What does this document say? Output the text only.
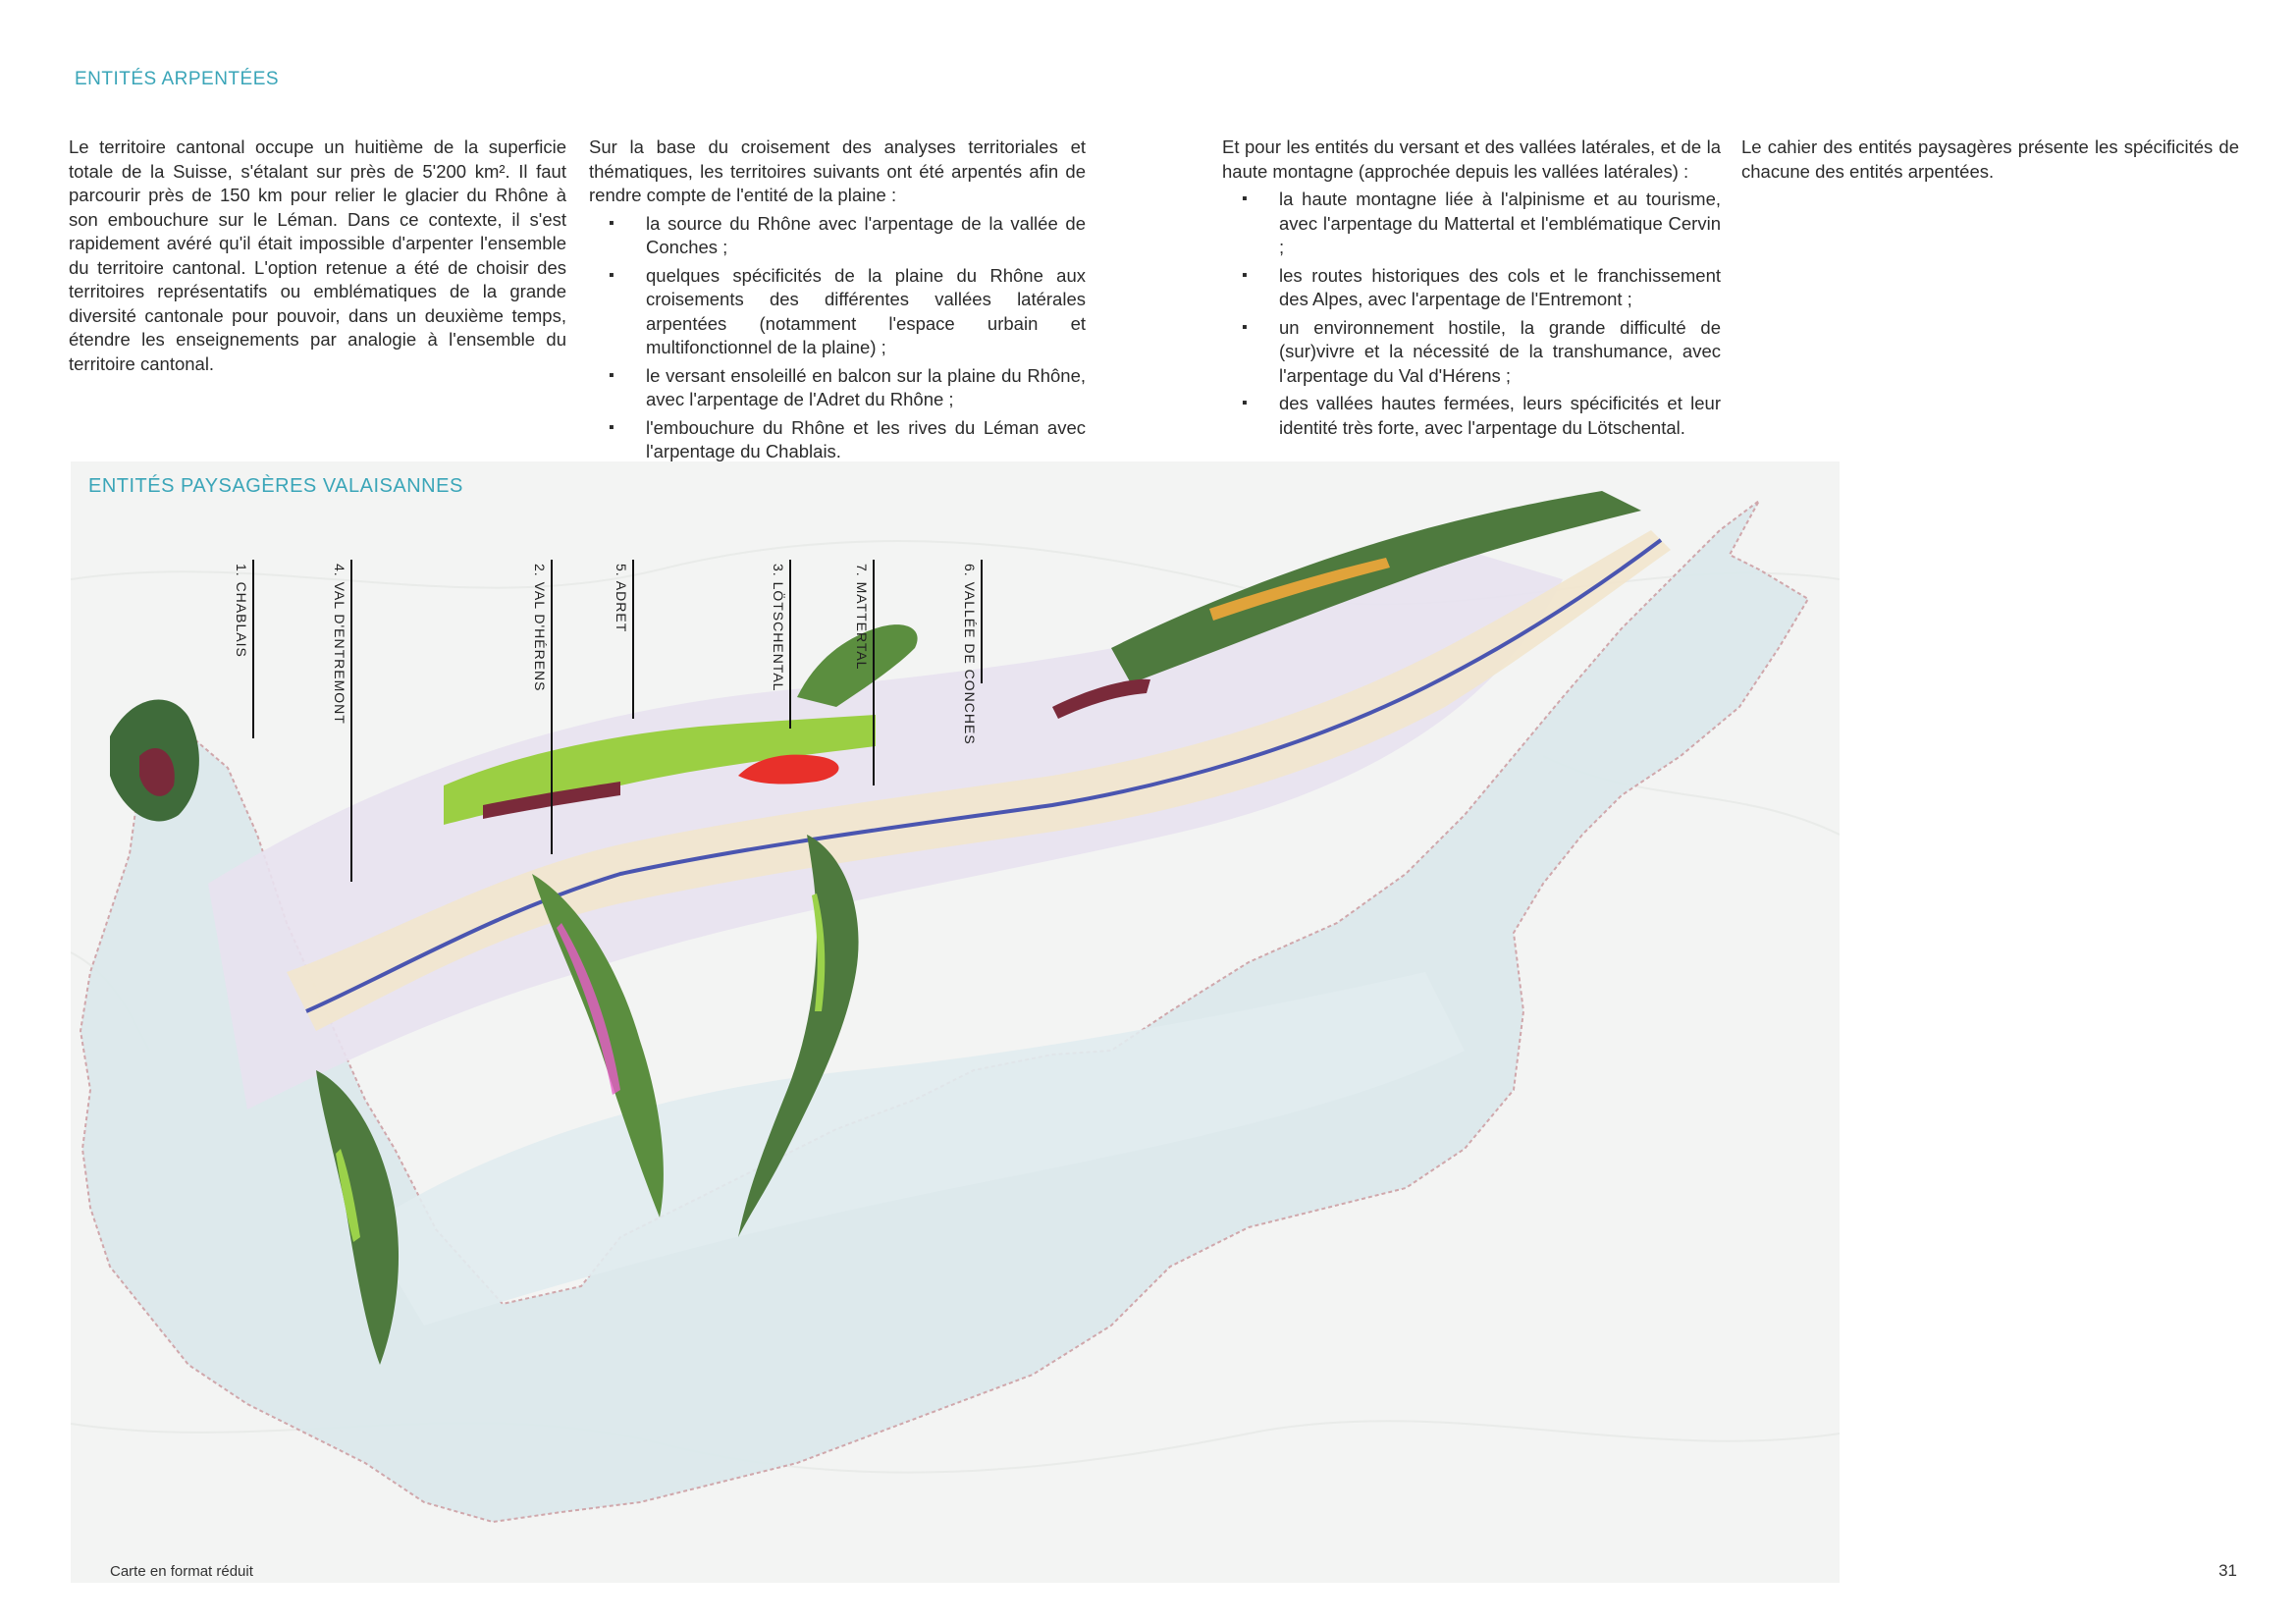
ENTITÉS ARPENTÉES

Le territoire cantonal occupe un huitième de la superficie totale de la Suisse, s'étalant sur près de 5'200 km². Il faut parcourir près de 150 km pour relier le glacier du Rhône à son embouchure sur le Léman. Dans ce contexte, il s'est rapidement avéré qu'il était impossible d'arpenter l'ensemble du territoire cantonal. L'option retenue a été de choisir des territoires représentatifs ou emblématiques de la grande diversité cantonale pour pouvoir, dans un deuxième temps, étendre les enseignements par analogie à l'ensemble du territoire cantonal.

Sur la base du croisement des analyses territoriales et thématiques, les territoires suivants ont été arpentés afin de rendre compte de l'entité de la plaine :

▪ la source du Rhône avec l'arpentage de la vallée de Conches ;
▪ quelques spécificités de la plaine du Rhône aux croisements des différentes vallées latérales arpentées (notamment l'espace urbain et multifonctionnel de la plaine) ;
▪ le versant ensoleillé en balcon sur la plaine du Rhône, avec l'arpentage de l'Adret du Rhône ;
▪ l'embouchure du Rhône et les rives du Léman avec l'arpentage du Chablais.

Et pour les entités du versant et des vallées latérales, et de la haute montagne (approchée depuis les vallées latérales) :

▪ la haute montagne liée à l'alpinisme et au tourisme, avec l'arpentage du Mattertal et l'emblématique Cervin ;
▪ les routes historiques des cols et le franchissement des Alpes, avec l'arpentage de l'Entremont ;
▪ un environnement hostile, la grande difficulté de (sur)vivre et la nécessité de la transhumance, avec l'arpentage du Val d'Hérens ;
▪ des vallées hautes fermées, leurs spécificités et leur identité très forte, avec l'arpentage du Lötschental.

Le cahier des entités paysagères présente les spécificités de chacune des entités arpentées.

ENTITÉS PAYSAGÈRES VALAISANNES
1. CHABLAIS	4. VAL D'ENTREMONT	2. VAL D'HÉRENS	5. ADRET	3. LÖTSCHENTAL	7. MATTERTAL	6. VALLÉE DE CONCHES
Carte en format réduit	31
